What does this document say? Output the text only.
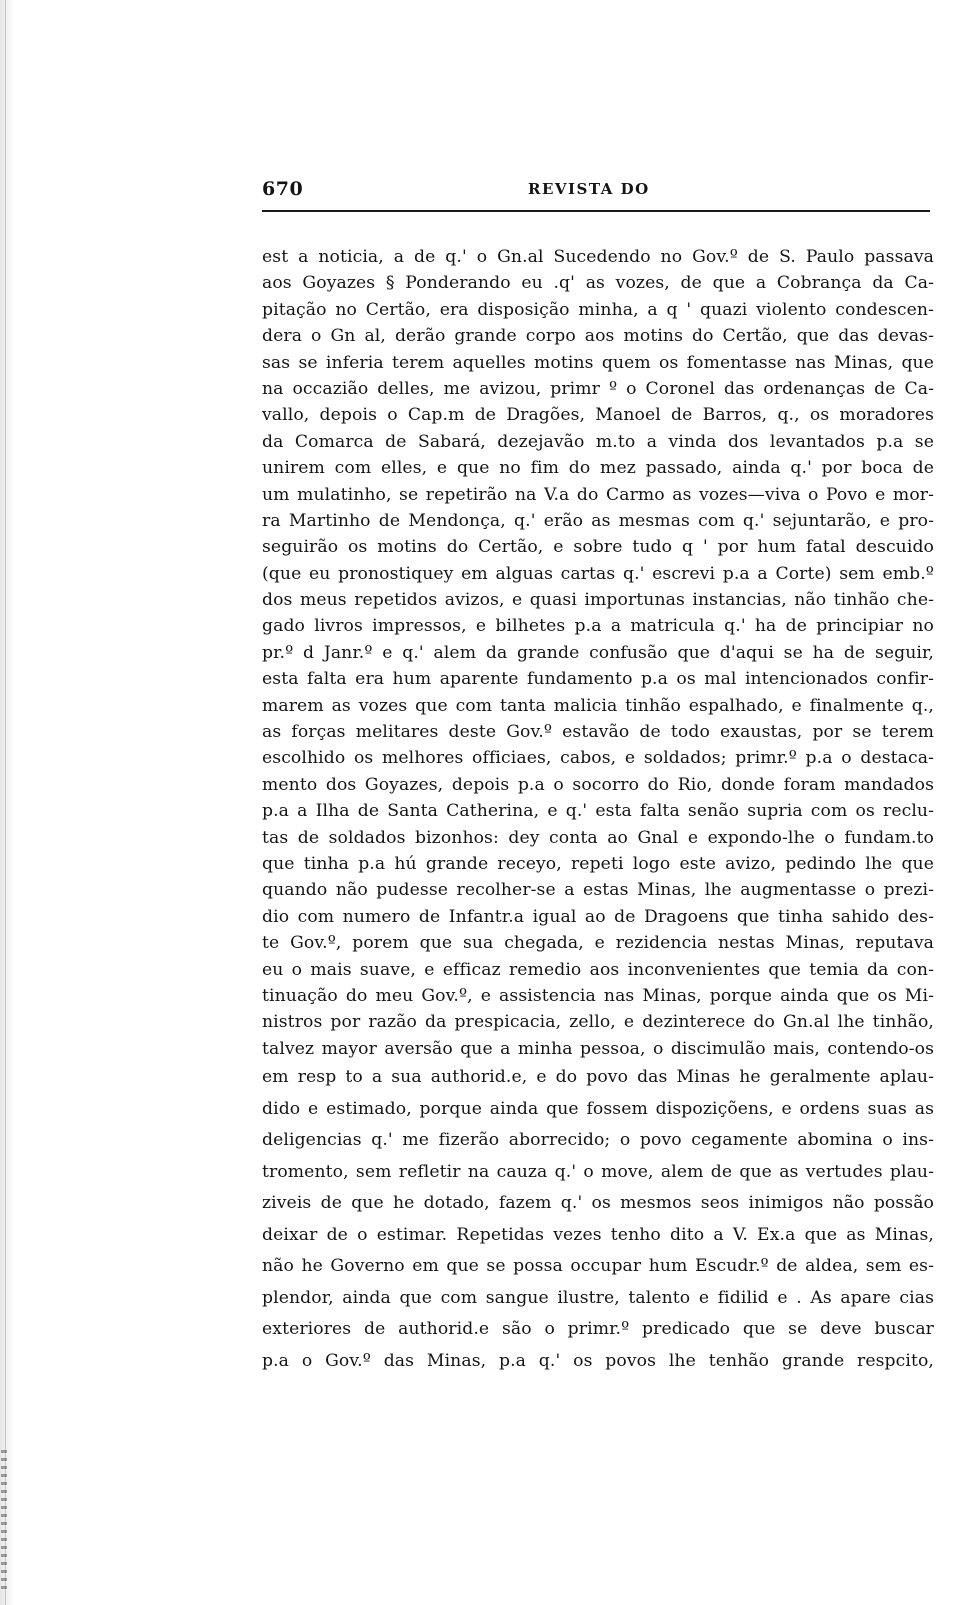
670	REVISTA DO
est a noticia, a de q.' o Gn.al Sucedendo no Gov.º de S. Paulo passava
aos Goyazes § Ponderando eu .q' as vozes, de que a Cobrança da Ca-
pitação no Certão, era disposição minha, a q ' quazi violento condescen-
dera o Gn al, derão grande corpo aos motins do Certão, que das devas-
sas se inferia terem aquelles motins quem os fomentasse nas Minas, que
na occazião delles, me avizou, primr º o Coronel das ordenanças de Ca-
vallo, depois o Cap.m de Dragões, Manoel de Barros, q., os moradores
da Comarca de Sabará, dezejavão m.to a vinda dos levantados p.a se
unirem com elles, e que no fim do mez passado, ainda q.' por boca de
um mulatinho, se repetirão na V.a do Carmo as vozes—viva o Povo e mor-
ra Martinho de Mendonça, q.' erão as mesmas com q.' sejuntarão, e pro-
seguirão os motins do Certão, e sobre tudo q ' por hum fatal descuido
(que eu pronostiquey em alguas cartas q.' escrevi p.a a Corte) sem emb.º
dos meus repetidos avizos, e quasi importunas instancias, não tinhão che-
gado livros impressos, e bilhetes p.a a matricula q.' ha de principiar no
pr.º d Janr.º e q.' alem da grande confusão que d'aqui se ha de seguir,
esta falta era hum aparente fundamento p.a os mal intencionados confir-
marem as vozes que com tanta malicia tinhão espalhado, e finalmente q.,
as forças melitares deste Gov.º estavão de todo exaustas, por se terem
escolhido os melhores officiaes, cabos, e soldados; primr.º p.a o destaca-
mento dos Goyazes, depois p.a o socorro do Rio, donde foram mandados
p.a a Ilha de Santa Catherina, e q.' esta falta senão supria com os reclu-
tas de soldados bizonhos: dey conta ao Gnal e expondo-lhe o fundam.to
que tinha p.a hú grande receyo, repeti logo este avizo, pedindo lhe que
quando não pudesse recolher-se a estas Minas, lhe augmentasse o prezi-
dio com numero de Infantr.a igual ao de Dragoens que tinha sahido des-
te Gov.º, porem que sua chegada, e rezidencia nestas Minas, reputava
eu o mais suave, e efficaz remedio aos inconvenientes que temia da con-
tinuação do meu Gov.º, e assistencia nas Minas, porque ainda que os Mi-
nistros por razão da prespicacia, zello, e dezinterece do Gn.al lhe tinhão,
talvez mayor aversão que a minha pessoa, o discimulão mais, contendo-os
em resp to a sua authorid.e, e do povo das Minas he geralmente aplau-
dido e estimado, porque ainda que fossem dispoziçõens, e ordens suas as
deligencias q.' me fizerão aborrecido; o povo cegamente abomina o ins-
tromento, sem refletir na cauza q.' o move, alem de que as vertudes plau-
ziveis de que he dotado, fazem q.' os mesmos seos inimigos não possão
deixar de o estimar. Repetidas vezes tenho dito a V. Ex.a que as Minas,
não he Governo em que se possa occupar hum Escudr.º de aldea, sem es-
plendor, ainda que com sangue ilustre, talento e fidilid e . As apare cias
exteriores de authorid.e são o primr.º predicado que se deve buscar
p.a o Gov.º das Minas, p.a q.' os povos lhe tenhão grande respcito,
